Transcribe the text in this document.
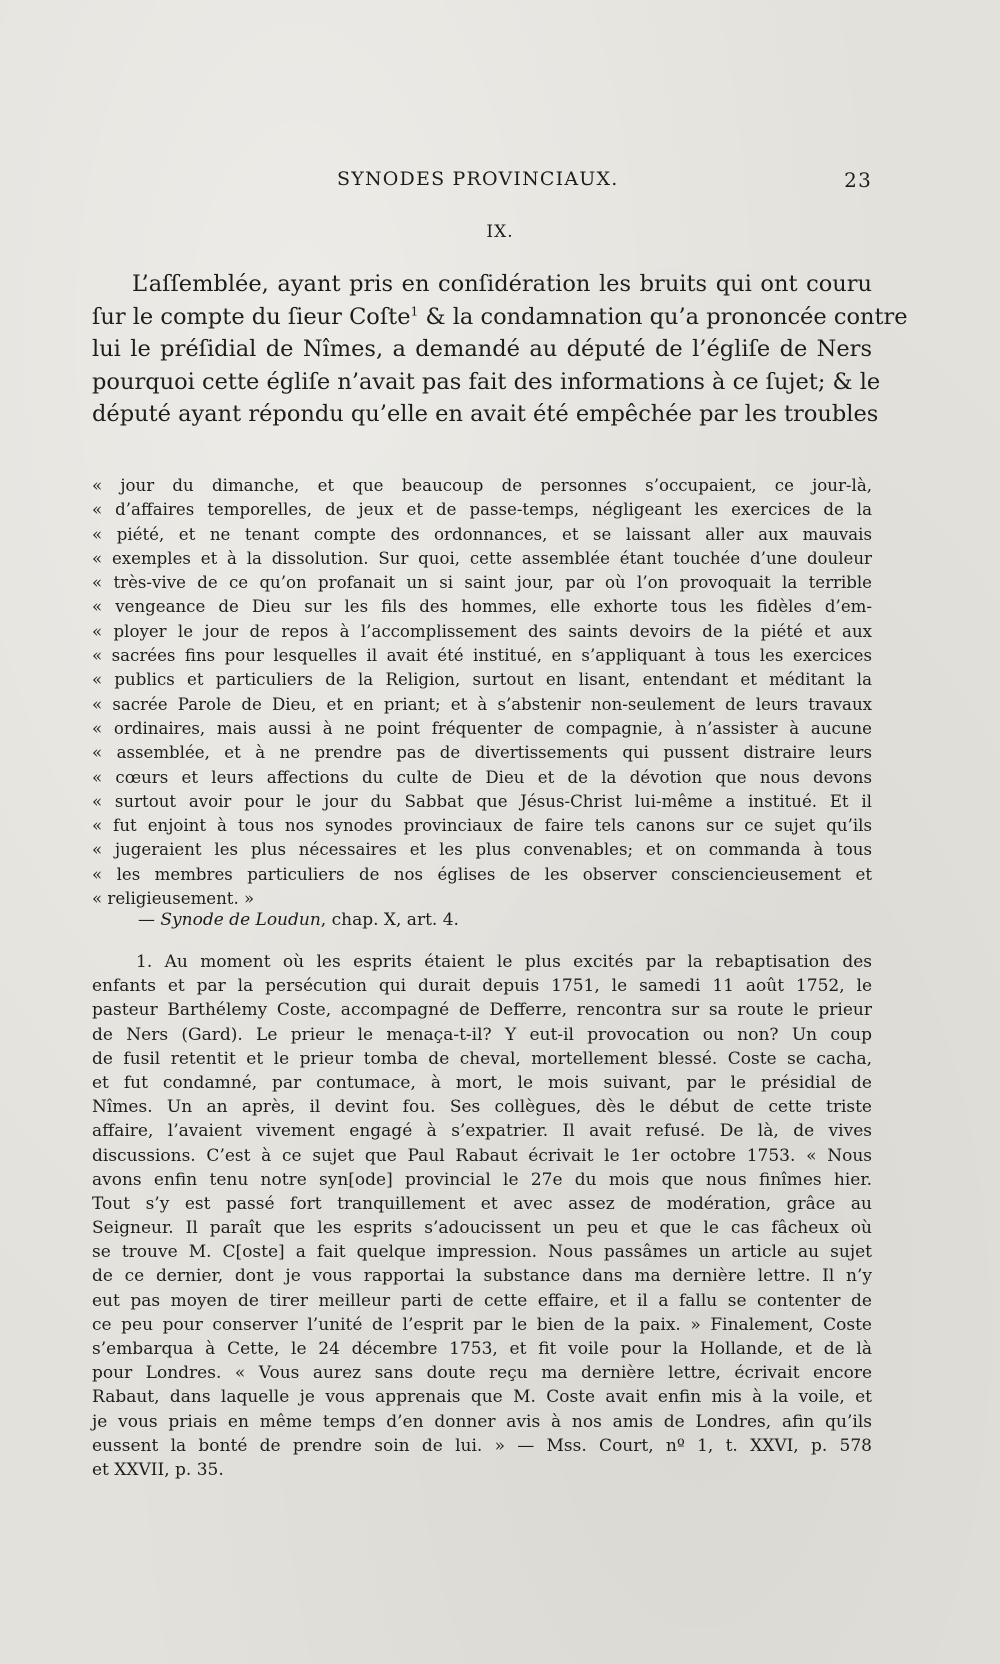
SYNODES PROVINCIAUX.	23
IX.
L’aſſemblée, ayant pris en conſidération les bruits qui ont couru
ſur le compte du ſieur Coſte$^1$ & la condamnation qu’a prononcée contre
lui le préſidial de Nîmes, a demandé au député de l’égliſe de Ners
pourquoi cette égliſe n’avait pas fait des informations à ce ſujet; & le
député ayant répondu qu’elle en avait été empêchée par les troubles
« jour du dimanche, et que beaucoup de personnes s’occupaient, ce jour-là,
« d’affaires temporelles, de jeux et de passe-temps, négligeant les exercices de la
« piété, et ne tenant compte des ordonnances, et se laissant aller aux mauvais
« exemples et à la dissolution. Sur quoi, cette assemblée étant touchée d’une douleur
« très-vive de ce qu’on profanait un si saint jour, par où l’on provoquait la terrible
« vengeance de Dieu sur les fils des hommes, elle exhorte tous les fidèles d’em-
« ployer le jour de repos à l’accomplissement des saints devoirs de la piété et aux
« sacrées fins pour lesquelles il avait été institué, en s’appliquant à tous les exercices
« publics et particuliers de la Religion, surtout en lisant, entendant et méditant la
« sacrée Parole de Dieu, et en priant; et à s’abstenir non-seulement de leurs travaux
« ordinaires, mais aussi à ne point fréquenter de compagnie, à n’assister à aucune
« assemblée, et à ne prendre pas de divertissements qui pussent distraire leurs
« cœurs et leurs affections du culte de Dieu et de la dévotion que nous devons
« surtout avoir pour le jour du Sabbat que Jésus-Christ lui-même a institué. Et il
« fut enjoint à tous nos synodes provinciaux de faire tels canons sur ce sujet qu’ils
« jugeraient les plus nécessaires et les plus convenables; et on commanda à tous
« les membres particuliers de nos églises de les observer consciencieusement et
« religieusement. »
— Synode de Loudun, chap. X, art. 4.
1. Au moment où les esprits étaient le plus excités par la rebaptisation des
enfants et par la persécution qui durait depuis 1751, le samedi 11 août 1752, le
pasteur Barthélemy Coste, accompagné de Defferre, rencontra sur sa route le prieur
de Ners (Gard). Le prieur le menaça-t-il? Y eut-il provocation ou non? Un coup
de fusil retentit et le prieur tomba de cheval, mortellement blessé. Coste se cacha,
et fut condamné, par contumace, à mort, le mois suivant, par le présidial de
Nîmes. Un an après, il devint fou. Ses collègues, dès le début de cette triste
affaire, l’avaient vivement engagé à s’expatrier. Il avait refusé. De là, de vives
discussions. C’est à ce sujet que Paul Rabaut écrivait le 1er octobre 1753. « Nous
avons enfin tenu notre syn[ode] provincial le 27e du mois que nous finîmes hier.
Tout s’y est passé fort tranquillement et avec assez de modération, grâce au
Seigneur. Il paraît que les esprits s’adoucissent un peu et que le cas fâcheux où
se trouve M. C[oste] a fait quelque impression. Nous passâmes un article au sujet
de ce dernier, dont je vous rapportai la substance dans ma dernière lettre. Il n’y
eut pas moyen de tirer meilleur parti de cette effaire, et il a fallu se contenter de
ce peu pour conserver l’unité de l’esprit par le bien de la paix. » Finalement, Coste
s’embarqua à Cette, le 24 décembre 1753, et fit voile pour la Hollande, et de là
pour Londres. « Vous aurez sans doute reçu ma dernière lettre, écrivait encore
Rabaut, dans laquelle je vous apprenais que M. Coste avait enfin mis à la voile, et
je vous priais en même temps d’en donner avis à nos amis de Londres, afin qu’ils
eussent la bonté de prendre soin de lui. » — Mss. Court, nº 1, t. XXVI, p. 578
et XXVII, p. 35.
